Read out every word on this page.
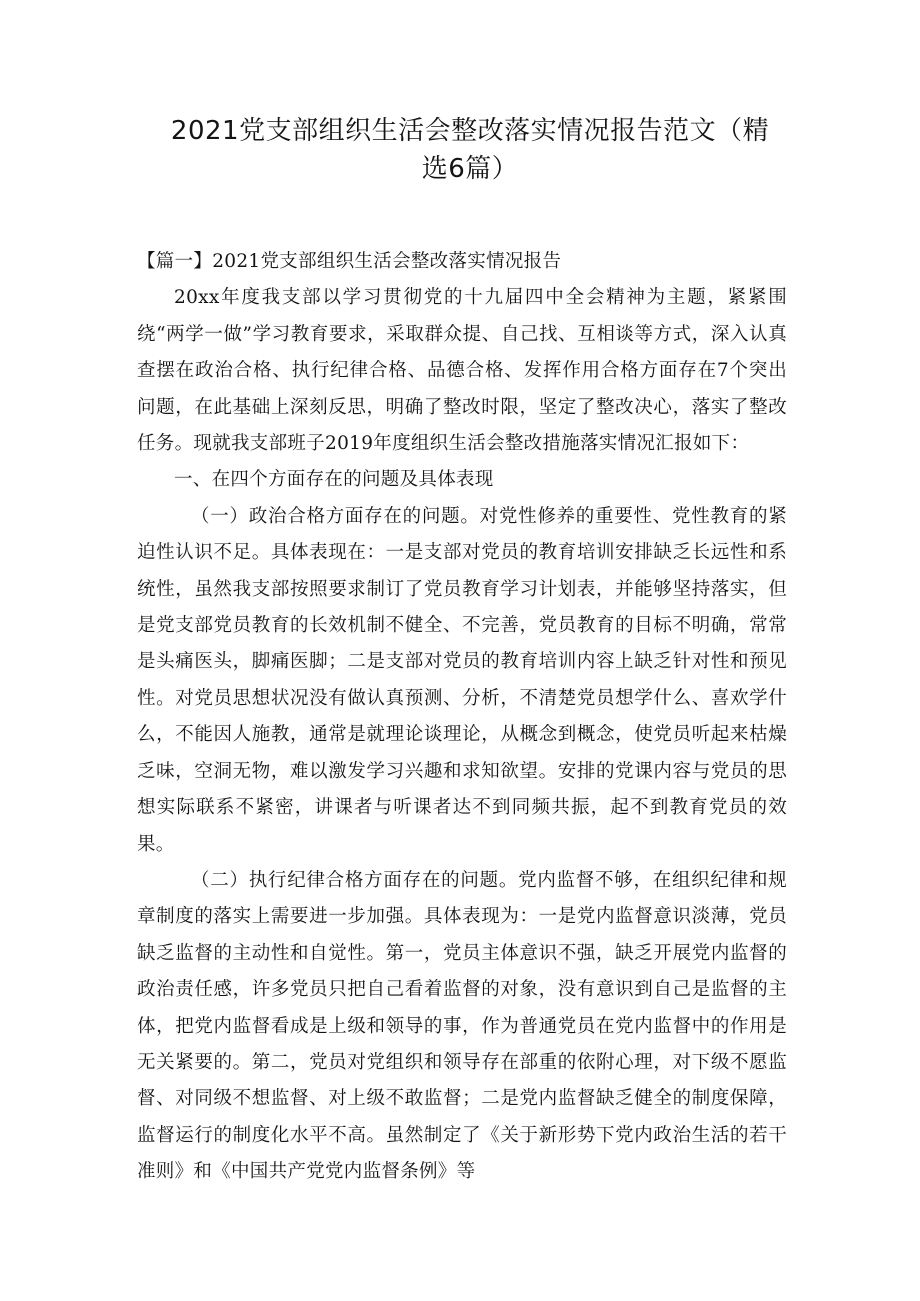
2021党支部组织生活会整改落实情况报告范文（精选6篇）

【篇一】2021党支部组织生活会整改落实情况报告

20xx年度我支部以学习贯彻党的十九届四中全会精神为主题，紧紧围绕“两学一做”学习教育要求，采取群众提、自己找、互相谈等方式，深入认真查摆在政治合格、执行纪律合格、品德合格、发挥作用合格方面存在7个突出问题，在此基础上深刻反思，明确了整改时限，坚定了整改决心，落实了整改任务。现就我支部班子2019年度组织生活会整改措施落实情况汇报如下：

一、在四个方面存在的问题及具体表现

（一）政治合格方面存在的问题。对党性修养的重要性、党性教育的紧迫性认识不足。具体表现在：一是支部对党员的教育培训安排缺乏长远性和系统性，虽然我支部按照要求制订了党员教育学习计划表，并能够坚持落实，但是党支部党员教育的长效机制不健全、不完善，党员教育的目标不明确，常常是头痛医头，脚痛医脚；二是支部对党员的教育培训内容上缺乏针对性和预见性。对党员思想状况没有做认真预测、分析，不清楚党员想学什么、喜欢学什么，不能因人施教，通常是就理论谈理论，从概念到概念，使党员听起来枯燥乏味，空洞无物，难以激发学习兴趣和求知欲望。安排的党课内容与党员的思想实际联系不紧密，讲课者与听课者达不到同频共振，起不到教育党员的效果。

（二）执行纪律合格方面存在的问题。党内监督不够，在组织纪律和规章制度的落实上需要进一步加强。具体表现为：一是党内监督意识淡薄，党员缺乏监督的主动性和自觉性。第一，党员主体意识不强，缺乏开展党内监督的政治责任感，许多党员只把自己看着监督的对象，没有意识到自己是监督的主体，把党内监督看成是上级和领导的事，作为普通党员在党内监督中的作用是无关紧要的。第二，党员对党组织和领导存在部重的依附心理，对下级不愿监督、对同级不想监督、对上级不敢监督；二是党内监督缺乏健全的制度保障，监督运行的制度化水平不高。虽然制定了《关于新形势下党内政治生活的若干准则》和《中国共产党党内监督条例》等
